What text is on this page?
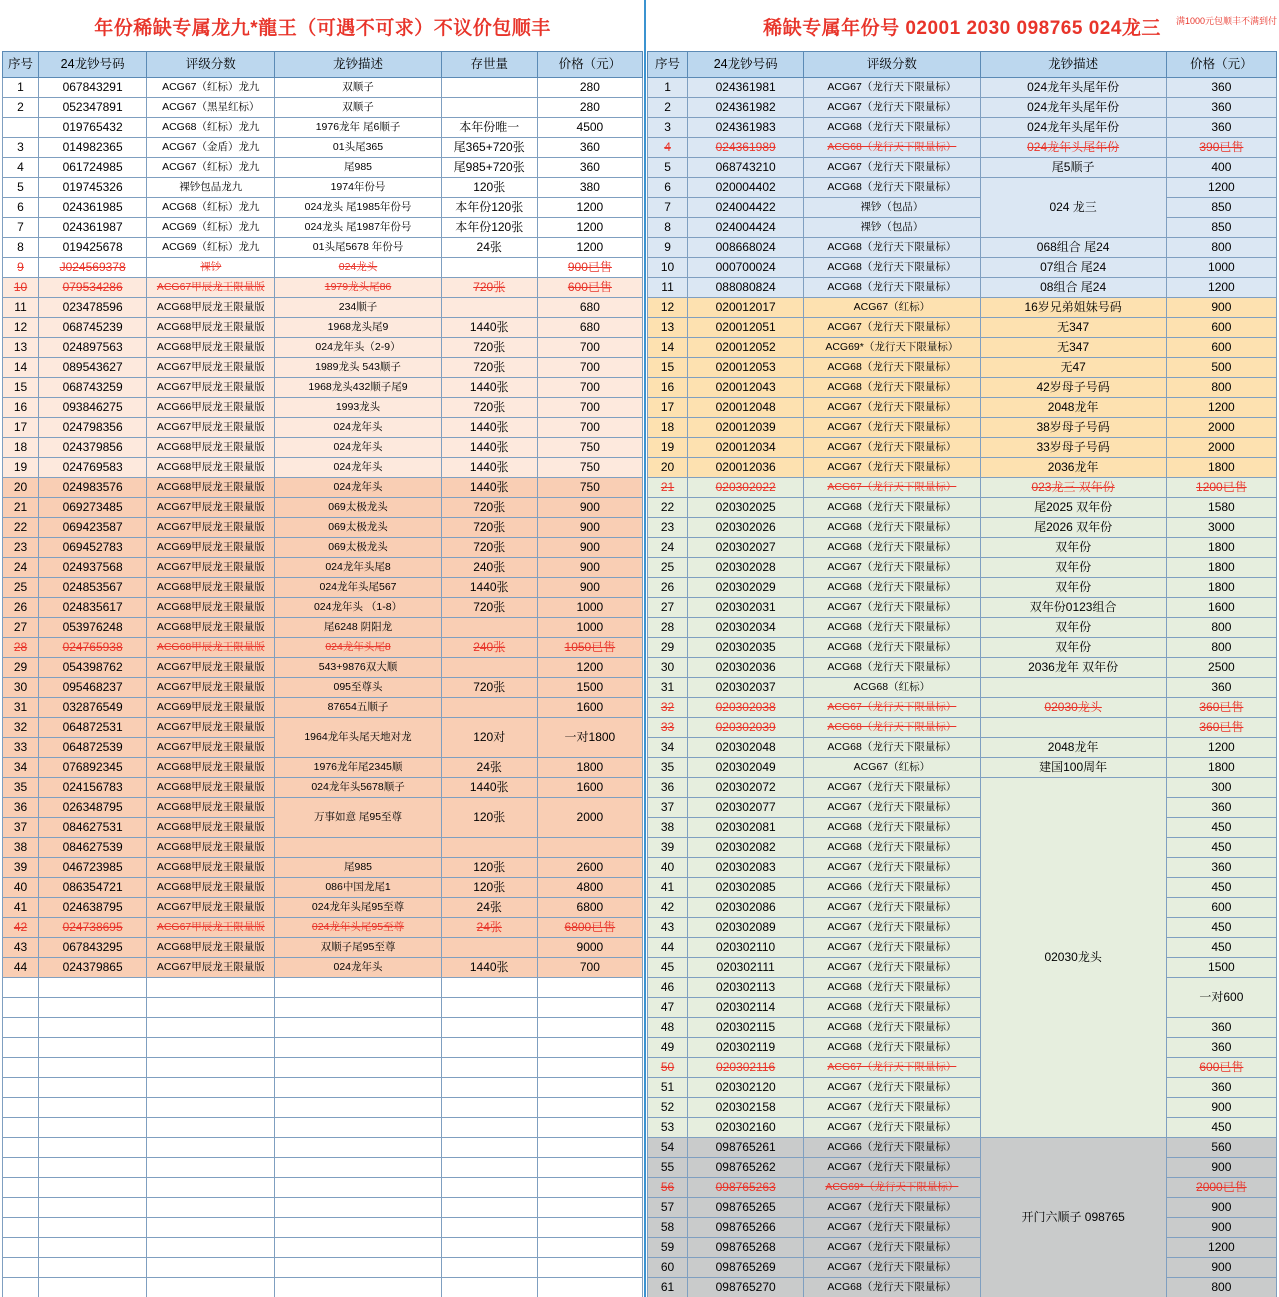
年份稀缺专属龙九*龍王（可遇不可求）不议价包顺丰
序号	24龙钞号码	评级分数	龙钞描述	存世量	价格（元）
1	067843291	ACG67（红标）龙九	双顺子		280
2	052347891	ACG67（黑星红标）	双顺子		280
	019765432	ACG68（红标）龙九	1976龙年 尾6顺子	本年份唯一	4500
3	014982365	ACG67（金盾）龙九	01头尾365	尾365+720张	360
4	061724985	ACG67（红标）龙九	尾985	尾985+720张	360
5	019745326	裸钞包品龙九	1974年份号	120张	380
6	024361985	ACG68（红标）龙九	024龙头 尾1985年份号	本年份120张	1200
7	024361987	ACG69（红标）龙九	024龙头 尾1987年份号	本年份120张	1200
8	019425678	ACG69（红标）龙九	01头尾5678 年份号	24张	1200
9	J024569378	裸钞	024龙头		900已售
10	079534286	ACG67甲辰龙王限量版	1979龙头尾86	720张	600已售
11	023478596	ACG68甲辰龙王限量版	234顺子		680
12	068745239	ACG68甲辰龙王限量版	1968龙头尾9	1440张	680
13	024897563	ACG68甲辰龙王限量版	024龙年头（2-9）	720张	700
14	089543627	ACG67甲辰龙王限量版	1989龙头 543顺子	720张	700
15	068743259	ACG67甲辰龙王限量版	1968龙头432顺子尾9	1440张	700
16	093846275	ACG66甲辰龙王限量版	1993龙头	720张	700
17	024798356	ACG67甲辰龙王限量版	024龙年头	1440张	700
18	024379856	ACG68甲辰龙王限量版	024龙年头	1440张	750
19	024769583	ACG68甲辰龙王限量版	024龙年头	1440张	750
20	024983576	ACG68甲辰龙王限量版	024龙年头	1440张	750
21	069273485	ACG67甲辰龙王限量版	069太极龙头	720张	900
22	069423587	ACG67甲辰龙王限量版	069太极龙头	720张	900
23	069452783	ACG69甲辰龙王限量版	069太极龙头	720张	900
24	024937568	ACG67甲辰龙王限量版	024龙年头尾8	240张	900
25	024853567	ACG68甲辰龙王限量版	024龙年头尾567	1440张	900
26	024835617	ACG68甲辰龙王限量版	024龙年头 （1-8）	720张	1000
27	053976248	ACG68甲辰龙王限量版	尾6248 阴阳龙		1000
28	024765938	ACG68甲辰龙王限量版	024龙年头尾8	240张	1050已售
29	054398762	ACG67甲辰龙王限量版	543+9876双大顺		1200
30	095468237	ACG67甲辰龙王限量版	095至尊头	720张	1500
31	032876549	ACG69甲辰龙王限量版	87654五顺子		1600
32	064872531	ACG67甲辰龙王限量版	1964龙年头尾天地对龙	120对	一对1800
33	064872539	ACG67甲辰龙王限量版			
34	076892345	ACG68甲辰龙王限量版	1976龙年尾2345顺	24张	1800
35	024156783	ACG68甲辰龙王限量版	024龙年头5678顺子	1440张	1600
36	026348795	ACG68甲辰龙王限量版	万事如意 尾95至尊	120张	2000
37	084627531	ACG68甲辰龙王限量版			
38	084627539	ACG68甲辰龙王限量版			
39	046723985	ACG68甲辰龙王限量版	尾985	120张	2600
40	086354721	ACG68甲辰龙王限量版	086中国龙尾1	120张	4800
41	024638795	ACG67甲辰龙王限量版	024龙年头尾95至尊	24张	6800
42	024738695	ACG67甲辰龙王限量版	024龙年头尾95至尊	24张	6800已售
43	067843295	ACG68甲辰龙王限量版	双顺子尾95至尊		9000
44	024379865	ACG67甲辰龙王限量版	024龙年头	1440张	700

稀缺专属年份号 02001 2030 098765 024龙三	满1000元包顺丰不满到付
序号	24龙钞号码	评级分数	龙钞描述	价格（元）
1	024361981	ACG67（龙行天下限量标）	024龙年头尾年份	360
2	024361982	ACG67（龙行天下限量标）	024龙年头尾年份	360
3	024361983	ACG68（龙行天下限量标）	024龙年头尾年份	360
4	024361989	ACG68（龙行天下限量标）	024龙年头尾年份	390已售
5	068743210	ACG67（龙行天下限量标）	尾5顺子	400
6	020004402	ACG68（龙行天下限量标）	024 龙三	1200
7	024004422	裸钞（包品）		850
8	024004424	裸钞（包品）		850
9	008668024	ACG68（龙行天下限量标）	068组合 尾24	800
10	000700024	ACG68（龙行天下限量标）	07组合 尾24	1000
11	088080824	ACG68（龙行天下限量标）	08组合 尾24	1200
12	020012017	ACG67（红标）	16岁兄弟姐妹号码	900
13	020012051	ACG67（龙行天下限量标）	无347	600
14	020012052	ACG69*（龙行天下限量标）	无347	600
15	020012053	ACG68（龙行天下限量标）	无47	500
16	020012043	ACG68（龙行天下限量标）	42岁母子号码	800
17	020012048	ACG67（龙行天下限量标）	2048龙年	1200
18	020012039	ACG67（龙行天下限量标）	38岁母子号码	2000
19	020012034	ACG67（龙行天下限量标）	33岁母子号码	2000
20	020012036	ACG67（龙行天下限量标）	2036龙年	1800
21	020302022	ACG67（龙行天下限量标）	023龙三 双年份	1200已售
22	020302025	ACG68（龙行天下限量标）	尾2025 双年份	1580
23	020302026	ACG68（龙行天下限量标）	尾2026 双年份	3000
24	020302027	ACG68（龙行天下限量标）	双年份	1800
25	020302028	ACG67（龙行天下限量标）	双年份	1800
26	020302029	ACG68（龙行天下限量标）	双年份	1800
27	020302031	ACG67（龙行天下限量标）	双年份0123组合	1600
28	020302034	ACG68（龙行天下限量标）	双年份	800
29	020302035	ACG68（龙行天下限量标）	双年份	800
30	020302036	ACG68（龙行天下限量标）	2036龙年 双年份	2500
31	020302037	ACG68（红标）		360
32	020302038	ACG67（龙行天下限量标）	02030龙头	360已售
33	020302039	ACG68（龙行天下限量标）		360已售
34	020302048	ACG68（龙行天下限量标）	2048龙年	1200
35	020302049	ACG67（红标）	建国100周年	1800
36	020302072	ACG67（龙行天下限量标）	02030龙头	300
37	020302077	ACG67（龙行天下限量标）		360
38	020302081	ACG68（龙行天下限量标）		450
39	020302082	ACG68（龙行天下限量标）		450
40	020302083	ACG67（龙行天下限量标）		360
41	020302085	ACG66（龙行天下限量标）		450
42	020302086	ACG67（龙行天下限量标）		600
43	020302089	ACG67（龙行天下限量标）		450
44	020302110	ACG67（龙行天下限量标）		450
45	020302111	ACG67（龙行天下限量标）		1500
46	020302113	ACG68（龙行天下限量标）		一对600
47	020302114	ACG68（龙行天下限量标）		
48	020302115	ACG68（龙行天下限量标）		360
49	020302119	ACG68（龙行天下限量标）		360
50	020302116	ACG67（龙行天下限量标）		600已售
51	020302120	ACG67（龙行天下限量标）		360
52	020302158	ACG67（龙行天下限量标）		900
53	020302160	ACG67（龙行天下限量标）		450
54	098765261	ACG66（龙行天下限量标）	开门六顺子 098765	560
55	098765262	ACG67（龙行天下限量标）		900
56	098765263	ACG69*（龙行天下限量标）		2000已售
57	098765265	ACG67（龙行天下限量标）		900
58	098765266	ACG67（龙行天下限量标）		900
59	098765268	ACG67（龙行天下限量标）		1200
60	098765269	ACG67（龙行天下限量标）		900
61	098765270	ACG68（龙行天下限量标）		800
